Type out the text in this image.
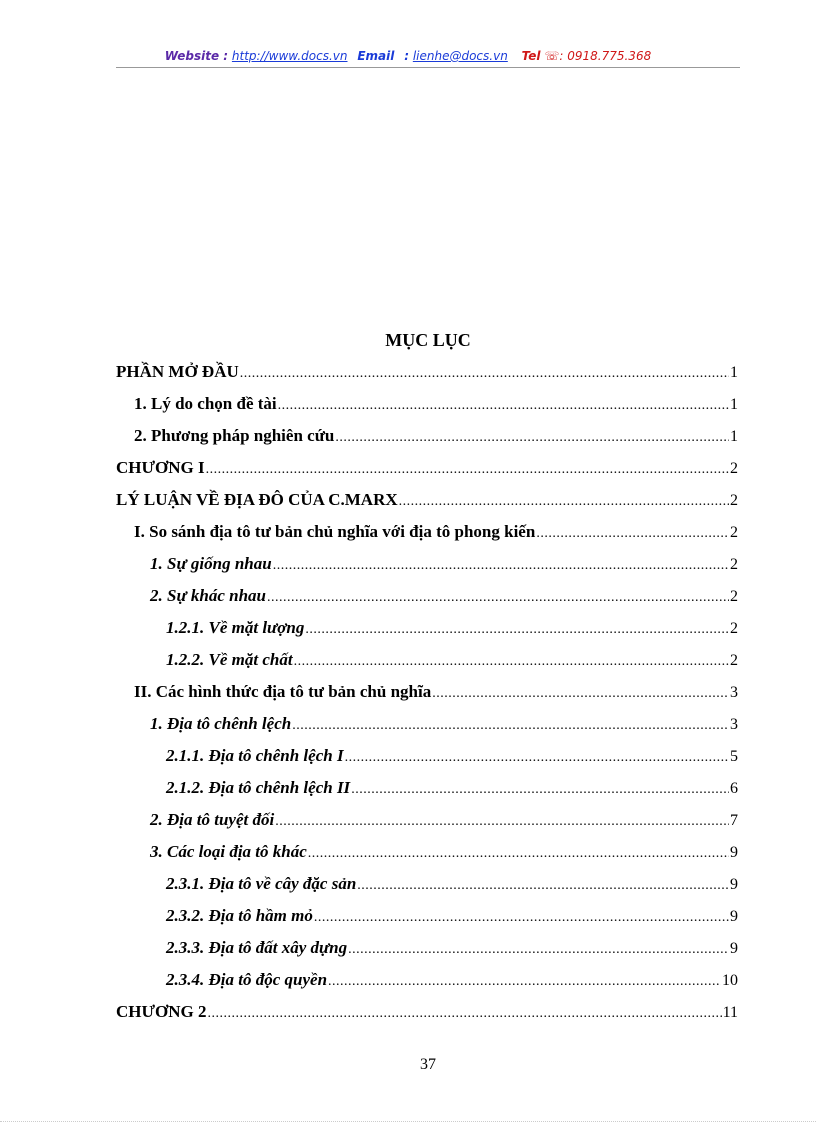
Website : http://www.docs.vn Email : lienhe@docs.vn Tel ☏: 0918.775.368
MỤC LỤC
PHẦN MỞ ĐẦU .....	1
1. Lý do chọn đề tài .....	1
2. Phương pháp nghiên cứu .....	1
CHƯƠNG I .....	2
LÝ LUẬN VỀ ĐỊA ĐÔ CỦA C.MARX .....	2
I. So sánh địa tô tư bản chủ nghĩa với địa tô phong kiến .....	2
1. Sự giống nhau .....	2
2. Sự khác nhau .....	2
1.2.1. Về mặt lượng .....	2
1.2.2. Về mặt chất .....	2
II. Các hình thức địa tô tư bản chủ nghĩa .....	3
1. Địa tô chênh lệch .....	3
2.1.1. Địa tô chênh lệch I .....	5
2.1.2. Địa tô chênh lệch II .....	6
2. Địa tô tuyệt đối .....	7
3. Các loại địa tô khác .....	9
2.3.1. Địa tô về cây đặc sản .....	9
2.3.2. Địa tô hầm mỏ .....	9
2.3.3. Địa tô đất xây dựng .....	9
2.3.4. Địa tô độc quyền .....	10
CHƯƠNG 2 .....	11
37
